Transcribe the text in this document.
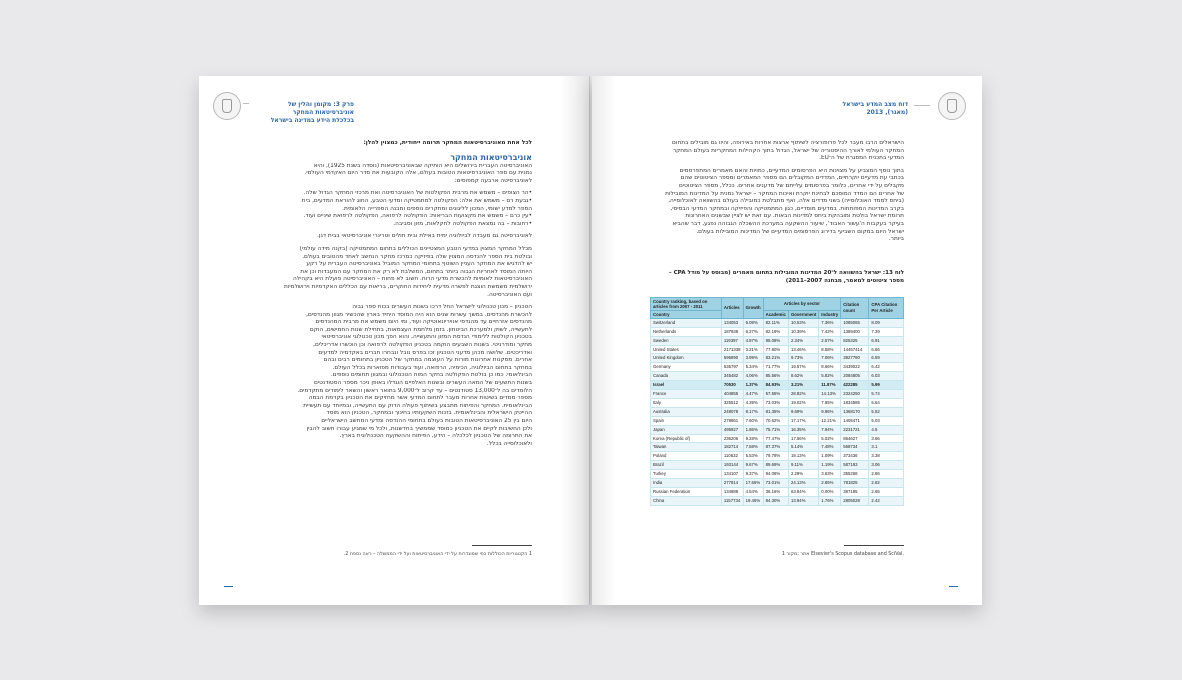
פרק 3: מקומן והלין של אוניברסיטאות המחקר
בכלכלת הידע במדינה בישראל
דוח מצב המדע בישראל (מאגר), 2013
לכל אחת מאוניברסיטאות המחקר תרומה ייחודית, כמצוין להלן:
אוניברסיטאות המחקר
האוניברסיטה העברית בירושלים היא הותיקה שבאוניברסיטאות (נוסדה בשנת 1925), והיא
נמנית עם ספר האוניברסיטאות הטובות בעולם, אלה הקובעות את סדר היום האקדמי העולמי.
לאוניברסיטה ארבעה קמפוסים:
•הר הצופים – משמש את מרבית הפקולטות של האוניברסיטה ואת מרכזי המחקר הגדול שלה.
•גבעת רם – משמש את אלה: הפקולטה למתמטיקה ומדעי הטבע, החוג להוראת המדעים, בית
הספר למדע ישומי, המכון לליגונים ומחקרים נוספים ומבנה הספרייה הלאומית.
•עין כרם – משמש את מקצועות הבריאות: הפקולטה לרפואה, הפקולטה לרפואת שיניים ועוד.
•רחובות – בה נמצאת הפקולטה לחקלאות, מזון וסביבה.
לאוניברסיטה גם מעבדה לביולוגיה ימית באילת ובית חולים וטרינרי אוניברסיטאי בבית דגן.
מכלל המחקר המצוין במדעי הטבע המצטיינים הכוללים בתחום המתמטיקה (בקנה מידה עולמי)
ובולטת בית הספר להנדסה המצוין שלה בפיזיקה כמרכז מחקר הנחשב לאחד מהטובים בעולם.
יש להדגיש את המחקר העניין השוטף בתחומי המחקר המוביל באוניברסיטה העברית על רקע
היותה המוסד לאחריות הגבוה ביותר בתחום, המשלבת לא רק את המחקר עם המעבדות וכן את
האוניברסיטאות לאומיות להכשרת מדעי הרוח. חשוב לא פחות – האוניברסיטה פועלת היא בקהילה
ירושלמית משמשת הוצגת לפשרה מדעית ליחידות החוקרים, בריאות עם הכללים האקדמיות וירושלמיות
ועם האוניברסיטה.
הטכניון – מכון טכנולוגי לישראל החל דרכו בשנות העשרים בכוח ספר גבוה
להכשרת מהנדסים. במשך עשרות שנים הוא היה המוסד היחיד בארץ שהכשיר מגוון מהנדסים,
מהנדסים אזרחיים עד מהנדסי אוויריונאוטיקה ועוד, ומי היום משמש את מרבית המהנדסים
לתעשייה, לשוק ולמערכת הביטחון. בזמן מלחמת העצמאות, בתחילת שנות החמישים, הוקם
בטכניון הקולטות ללימודי הנדסת המזון והתעשייה, והוא הפך מכון טכנולוגי אוניברסיטאי
מחקר ומודרניטי. בשנות השבעים הוקמה בטכניון הפקולטה לרפואה וכן הוכשרו אדריכלים,
ואדריכטים. שלושה מכהן מדעני הטכניון זכו בפרס נובל ונבחרו חברים באקדמיה למדעים
אחרים. מסקנות אחרונות מורות על העוצמה במחקר של הטכניון בתחומים רבים ובהם
במחקר בתחום הביולוגיה, הכימיה, הרפואה, ועוד בעבודות מפוארות בכלל העולם.
הבינלאומי. כמו כן בולטת הפקולטה בחקר המוח הטכנולוגי ובמגוון תחומים נוספים.
בשנות התשעים של המאה העשרים ובשנות האלפיים הוגדלו באופן ניכר מספר הסטודנטים
הלומדים בה ל־13,000 סטודנטים – עד קרוב ל־9,000 בתואר ראשון והשאר לימודים מתקדמים.
מספר ממדים בשיטות אחרות מעבר לתחום המדעי אשר מחזיקים את הטכניון בקדמת הבמה
הבינלאומית. המחקר והפיתוח מתבצע בשיתוף פעולה הדוק עם התעשייה, ובמיוחד עם תעשיית
ההייטק הישראלית והבינלאומית. בזכות השקעותיו בחינוך ובמחקר, הטכניון הוא מוסד
היום בין 25 האוניברסיטאות הטובות בעולם בתחומי ההנדסה ומדעי המחשב הישראליים
ולכן החשיבות לקיים את הטכניון כמוסד שממשיך בחדשנות, ולכל מי שמגיע עבורו חשוב להבין
את התרומה של הטכניון לכלכלה – הידע, הפיתוח וההשקעה הטכנולוגית בארץ.
ולאוכלוסייה בכלל.
1 הקטגוריות הכוללות כפי שמוגדרות על ידי האוניברסיטאות ועל ידי הממשלה – ראה נספח 2.
הישראלים הרבו מעבר לכל פרופורציה לשיתוף ארצות אחרות באירופה, והיוו גם מובילים בתחום
המחקר העולמי לאורך ההיסטוריה של ישראל, הגדול בתוך הקהילות המחקריות בעולם המחקר
המדעי בתכנית המסגרת של ה־EU.
בתוך נוסף המצביע על מצוינות היא הפרסומים המדעיים, כמויות והאם מאמרים המתפרסמים
בכתבי עת מדעיים יוקרתיים, המדדים המקובלים הם מספר המאמרים ומספר הציטוטים שהם
מקבלים על ידי אחרים, כלומר בפרסומים עלייתם של מדענים אחרים. ככלל, מספר הציטוטים
של אחרים הם המדד המוסכם לבחינת יוקרת ואיכות המחקר – ישראל נמנית על המדינות המובילות
(ביחס לממד האוכלוסייה) בשני מדדים אלה, ואף מתבלטת כמובילה בעולם בהשוואה לאוכלוסייה,
בקרב המדינות המפותחות. במדעים מוסדיים, כגון המתמטיקה והפיזיקה ובמחקר המדעי הבסיסי,
תרומת ישראל בולטת ומובהקת ביחס למדינות הבאות. עם זאת יש לציין שבשנים האחרונות
בעיקר בעקבות ה'עשור האבוד', שיעור ההשקעה במערכת ההשכלה הגבוהה נפגע, דבר שהביא
ישראל היום במקום השביעי בדירוג הפרסומים המדעיים של המדינות המובילות בעולם.
ביותר.
לוח 13: ישראל בהשוואה ל־20 המדינות המובילות בתחום מאמרים (מבוסס על מודל CPA –
מספר ציטוטים למאמר, מבחנה 2007–2011)
Country ranking, based on articles from 2007 - 2011	Articles	Growth	Articles by sector			Citation count	CPA Citation Per Article
Country			Academic	Government	Industry		
Switzerland	134053	6.08%	82.11%	10.53%	7.36%	1085065	8.09
Netherlands	187939	6.27%	82.19%	10.39%	7.42%	1389400	7.39
Sweden	119397	4.87%	95.08%	2.34%	2.57%	825325	6.91
United States	2171338	3.21%	77.80%	13.46%	8.58%	14457414	6.66
United Kingdom	596890	3.99%	83.21%	9.73%	7.06%	3927780	6.59
Germany	535797	5.34%	71.77%	19.57%	8.66%	3439022	6.42
Canada	345482	4.06%	85.56%	8.62%	5.82%	2084805	6.03
Israel	70530	1.37%	84.93%	3.21%	11.87%	422285	5.99
France	404855	4.47%	57.55%	28.82%	14.13%	2324250	5.74
Italy	325512	4.39%	73.03%	19.02%	7.95%	1834585	5.64
Australia	248078	8.17%	81.35%	9.69%	9.96%	1368170	5.52
Spain	278861	7.60%	70.62%	17.17%	12.21%	1405471	5.03
Japan	495927	1.86%	75.71%	16.35%	7.94%	2231721	4.5
Korea (Republic of)	236206	9.28%	77.47%	17.56%	5.02%	864627	3.66
Taiwan	182714	7.58%	87.37%	5.14%	7.48%	568734	3.1
Poland	110632	5.53%	79.78%	19.13%	1.09%	373436	3.38
Brazil	193144	9.67%	89.69%	9.11%	1.19%	587193	3.06
Turkey	134107	9.37%	94.08%	2.29%	3.63%	355268	2.86
India	277814	17.66%	73.01%	24.13%	2.86%	781825	2.82
Russian Federation	134889	4.54%	36.16%	63.84%	0.00%	387195	2.65
China	1157734	19.46%	84.30%	13.94%	1.76%	2805028	2.42
.Elsevier's Scopus database and SciVal אתר :מקור 1
